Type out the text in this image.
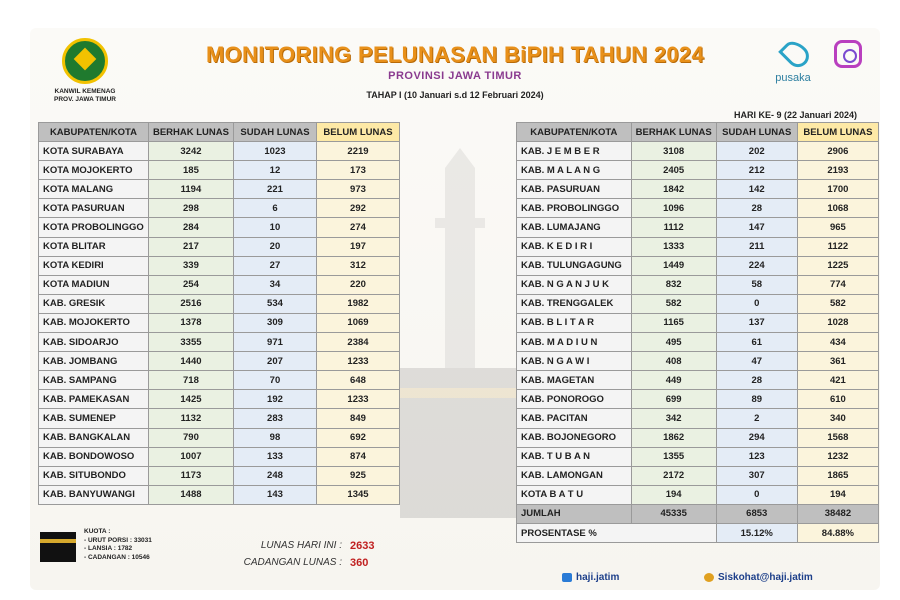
KANWIL KEMENAG
PROV. JAWA TIMUR
MONITORING PELUNASAN BiPIH TAHUN 2024
PROVINSI JAWA TIMUR
TAHAP I (10 Januari s.d 12 Februari 2024)
pusaka
HARI KE- 9 (22 Januari 2024)
KABUPATEN/KOTA	BERHAK LUNAS	SUDAH LUNAS	BELUM LUNAS
KOTA SURABAYA	3242	1023	2219
KOTA MOJOKERTO	185	12	173
KOTA MALANG	1194	221	973
KOTA PASURUAN	298	6	292
KOTA PROBOLINGGO	284	10	274
KOTA BLITAR	217	20	197
KOTA KEDIRI	339	27	312
KOTA MADIUN	254	34	220
KAB. GRESIK	2516	534	1982
KAB. MOJOKERTO	1378	309	1069
KAB. SIDOARJO	3355	971	2384
KAB. JOMBANG	1440	207	1233
KAB. SAMPANG	718	70	648
KAB. PAMEKASAN	1425	192	1233
KAB. SUMENEP	1132	283	849
KAB. BANGKALAN	790	98	692
KAB. BONDOWOSO	1007	133	874
KAB. SITUBONDO	1173	248	925
KAB. BANYUWANGI	1488	143	1345
KABUPATEN/KOTA	BERHAK LUNAS	SUDAH LUNAS	BELUM LUNAS
KAB. J E M B E R	3108	202	2906
KAB. M A L A N G	2405	212	2193
KAB. PASURUAN	1842	142	1700
KAB. PROBOLINGGO	1096	28	1068
KAB. LUMAJANG	1112	147	965
KAB. K E D I R I	1333	211	1122
KAB. TULUNGAGUNG	1449	224	1225
KAB. N G A N J U K	832	58	774
KAB. TRENGGALEK	582	0	582
KAB. B L I T A R	1165	137	1028
KAB. M A D I U N	495	61	434
KAB. N G A W I	408	47	361
KAB. MAGETAN	449	28	421
KAB. PONOROGO	699	89	610
KAB. PACITAN	342	2	340
KAB. BOJONEGORO	1862	294	1568
KAB. T U B A N	1355	123	1232
KAB. LAMONGAN	2172	307	1865
KOTA B A T U	194	0	194
JUMLAH	45335	6853	38482
PROSENTASE %		15.12%	84.88%
KUOTA :
- URUT PORSI : 33031
- LANSIA : 1782
- CADANGAN : 10546
LUNAS HARI INI : 2633
CADANGAN LUNAS : 360
haji.jatim	Siskohat@haji.jatim
